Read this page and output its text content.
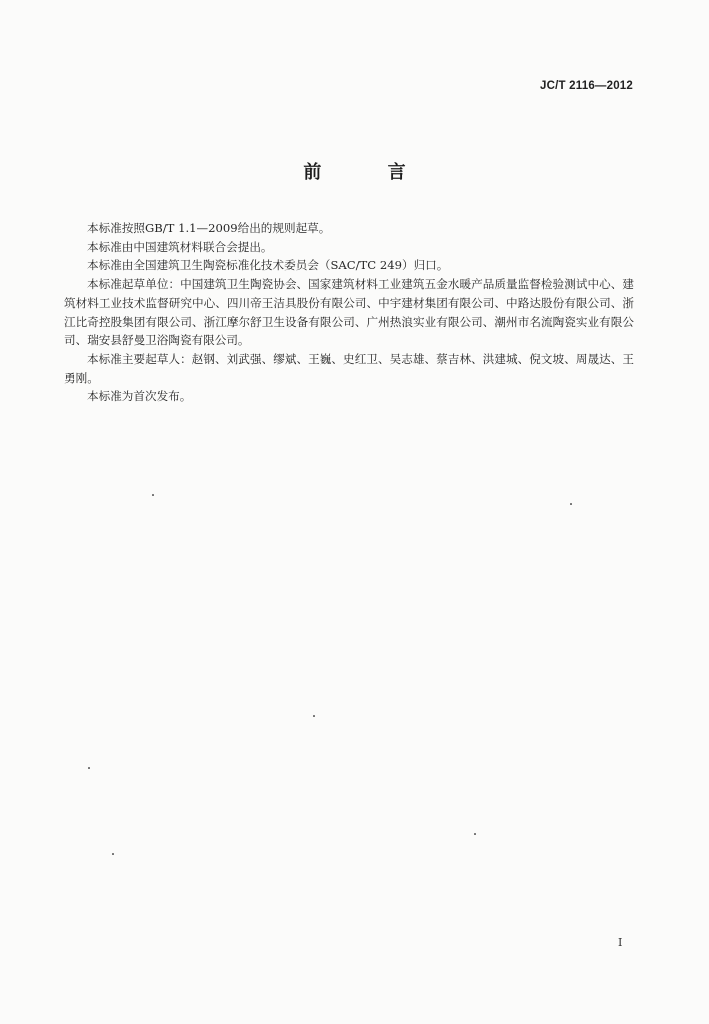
JC/T 2116—2012
前 言

本标准按照GB/T 1.1—2009给出的规则起草。

本标准由中国建筑材料联合会提出。

本标准由全国建筑卫生陶瓷标准化技术委员会（SAC/TC 249）归口。

本标准起草单位：中国建筑卫生陶瓷协会、国家建筑材料工业建筑五金水暖产品质量监督检验测试中心、建筑材料工业技术监督研究中心、四川帝王洁具股份有限公司、中宇建材集团有限公司、中路达股份有限公司、浙江比奇控股集团有限公司、浙江摩尔舒卫生设备有限公司、广州热浪实业有限公司、潮州市名流陶瓷实业有限公司、瑞安县舒曼卫浴陶瓷有限公司。

本标准主要起草人：赵钢、刘武强、缪斌、王巍、史红卫、吴志雄、蔡吉林、洪建城、倪文坡、周晟达、王勇刚。

本标准为首次发布。

I
